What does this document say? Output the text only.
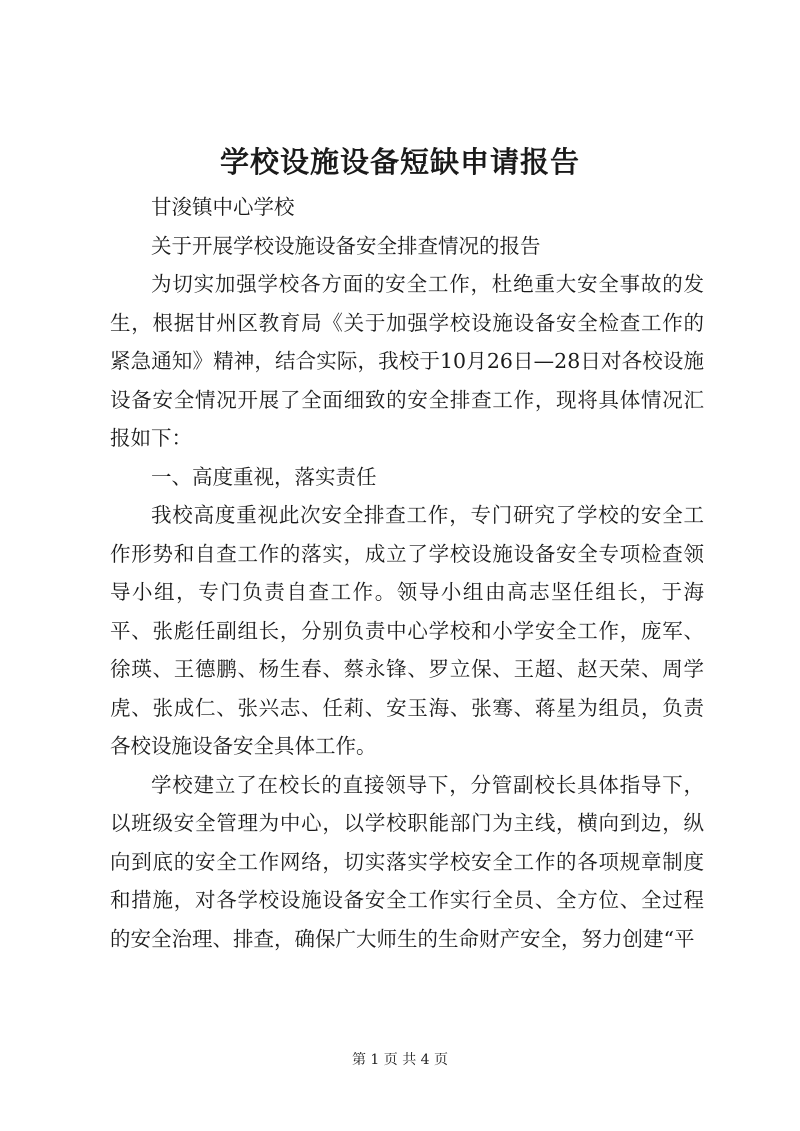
学校设施设备短缺申请报告

甘浚镇中心学校

关于开展学校设施设备安全排查情况的报告

为切实加强学校各方面的安全工作，杜绝重大安全事故的发生，根据甘州区教育局《关于加强学校设施设备安全检查工作的紧急通知》精神，结合实际，我校于10月26日—28日对各校设施设备安全情况开展了全面细致的安全排查工作，现将具体情况汇报如下：

一、高度重视，落实责任

我校高度重视此次安全排查工作，专门研究了学校的安全工作形势和自查工作的落实，成立了学校设施设备安全专项检查领导小组，专门负责自查工作。领导小组由高志坚任组长，于海平、张彪任副组长，分别负责中心学校和小学安全工作，庞军、徐瑛、王德鹏、杨生春、蔡永锋、罗立保、王超、赵天荣、周学虎、张成仁、张兴志、任莉、安玉海、张骞、蒋星为组员，负责各校设施设备安全具体工作。

学校建立了在校长的直接领导下，分管副校长具体指导下，以班级安全管理为中心，以学校职能部门为主线，横向到边，纵向到底的安全工作网络，切实落实学校安全工作的各项规章制度和措施，对各学校设施设备安全工作实行全员、全方位、全过程的安全治理、排查，确保广大师生的生命财产安全，努力创建“平

第 1 页 共 4 页
